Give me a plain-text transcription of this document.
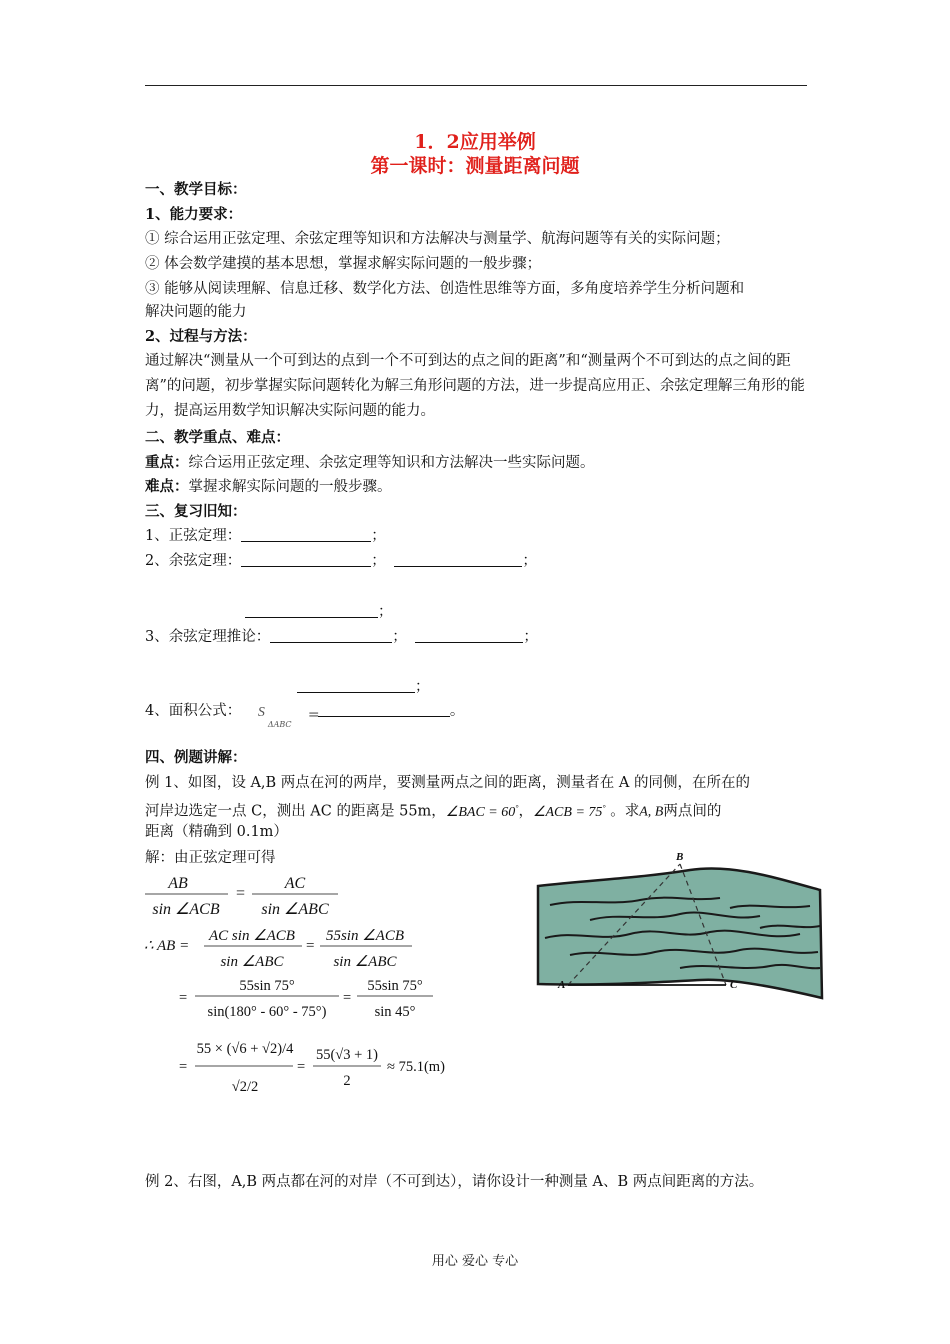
1．2应用举例
第一课时：测量距离问题
一、教学目标：
1、能力要求：
① 综合运用正弦定理、余弦定理等知识和方法解决与测量学、航海问题等有关的实际问题；
② 体会数学建摸的基本思想，掌握求解实际问题的一般步骤；
③ 能够从阅读理解、信息迁移、数学化方法、创造性思维等方面，多角度培养学生分析问题和
解决问题的能力
2、过程与方法：
通过解决“测量从一个可到达的点到一个不可到达的点之间的距离”和“测量两个不可到达的点之间的距离”的问题，初步掌握实际问题转化为解三角形问题的方法，进一步提高应用正、余弦定理解三角形的能力，提高运用数学知识解决实际问题的能力。
二、教学重点、难点：
重点：综合运用正弦定理、余弦定理等知识和方法解决一些实际问题。
难点：掌握求解实际问题的一般步骤。
三、复习旧知：
1、正弦定理：	；
2、余弦定理：	；	；
；
3、余弦定理推论：	；	；
；
4、面积公式： S
ΔABC
=	。
四、例题讲解：
例 1、如图，设 A,B 两点在河的两岸，要测量两点之间的距离，测量者在 A 的同侧，在所在的
河岸边选定一点 C，测出 AC 的距离是 55m，∠BAC = 60°，∠ACB = 75° 。求A, B两点间的
距离（精确到 0.1m）
解：由正弦定理可得
AB
sin ∠ACB
=
AC
sin ∠ABC
∴ AB =
AC sin ∠ACB
sin ∠ABC
=
55sin ∠ACB
sin ∠ABC
=
55sin 75°
sin(180° - 60° - 75°)
=
55sin 75°
sin 45°
=
55 × (√6 + √2)/4
√2/2
=
55(√3 + 1)
2
≈ 75.1(m)
A
B
C
例 2、右图，A,B 两点都在河的对岸（不可到达），请你设计一种测量 A、B 两点间距离的方法。
用心 爱心 专心
